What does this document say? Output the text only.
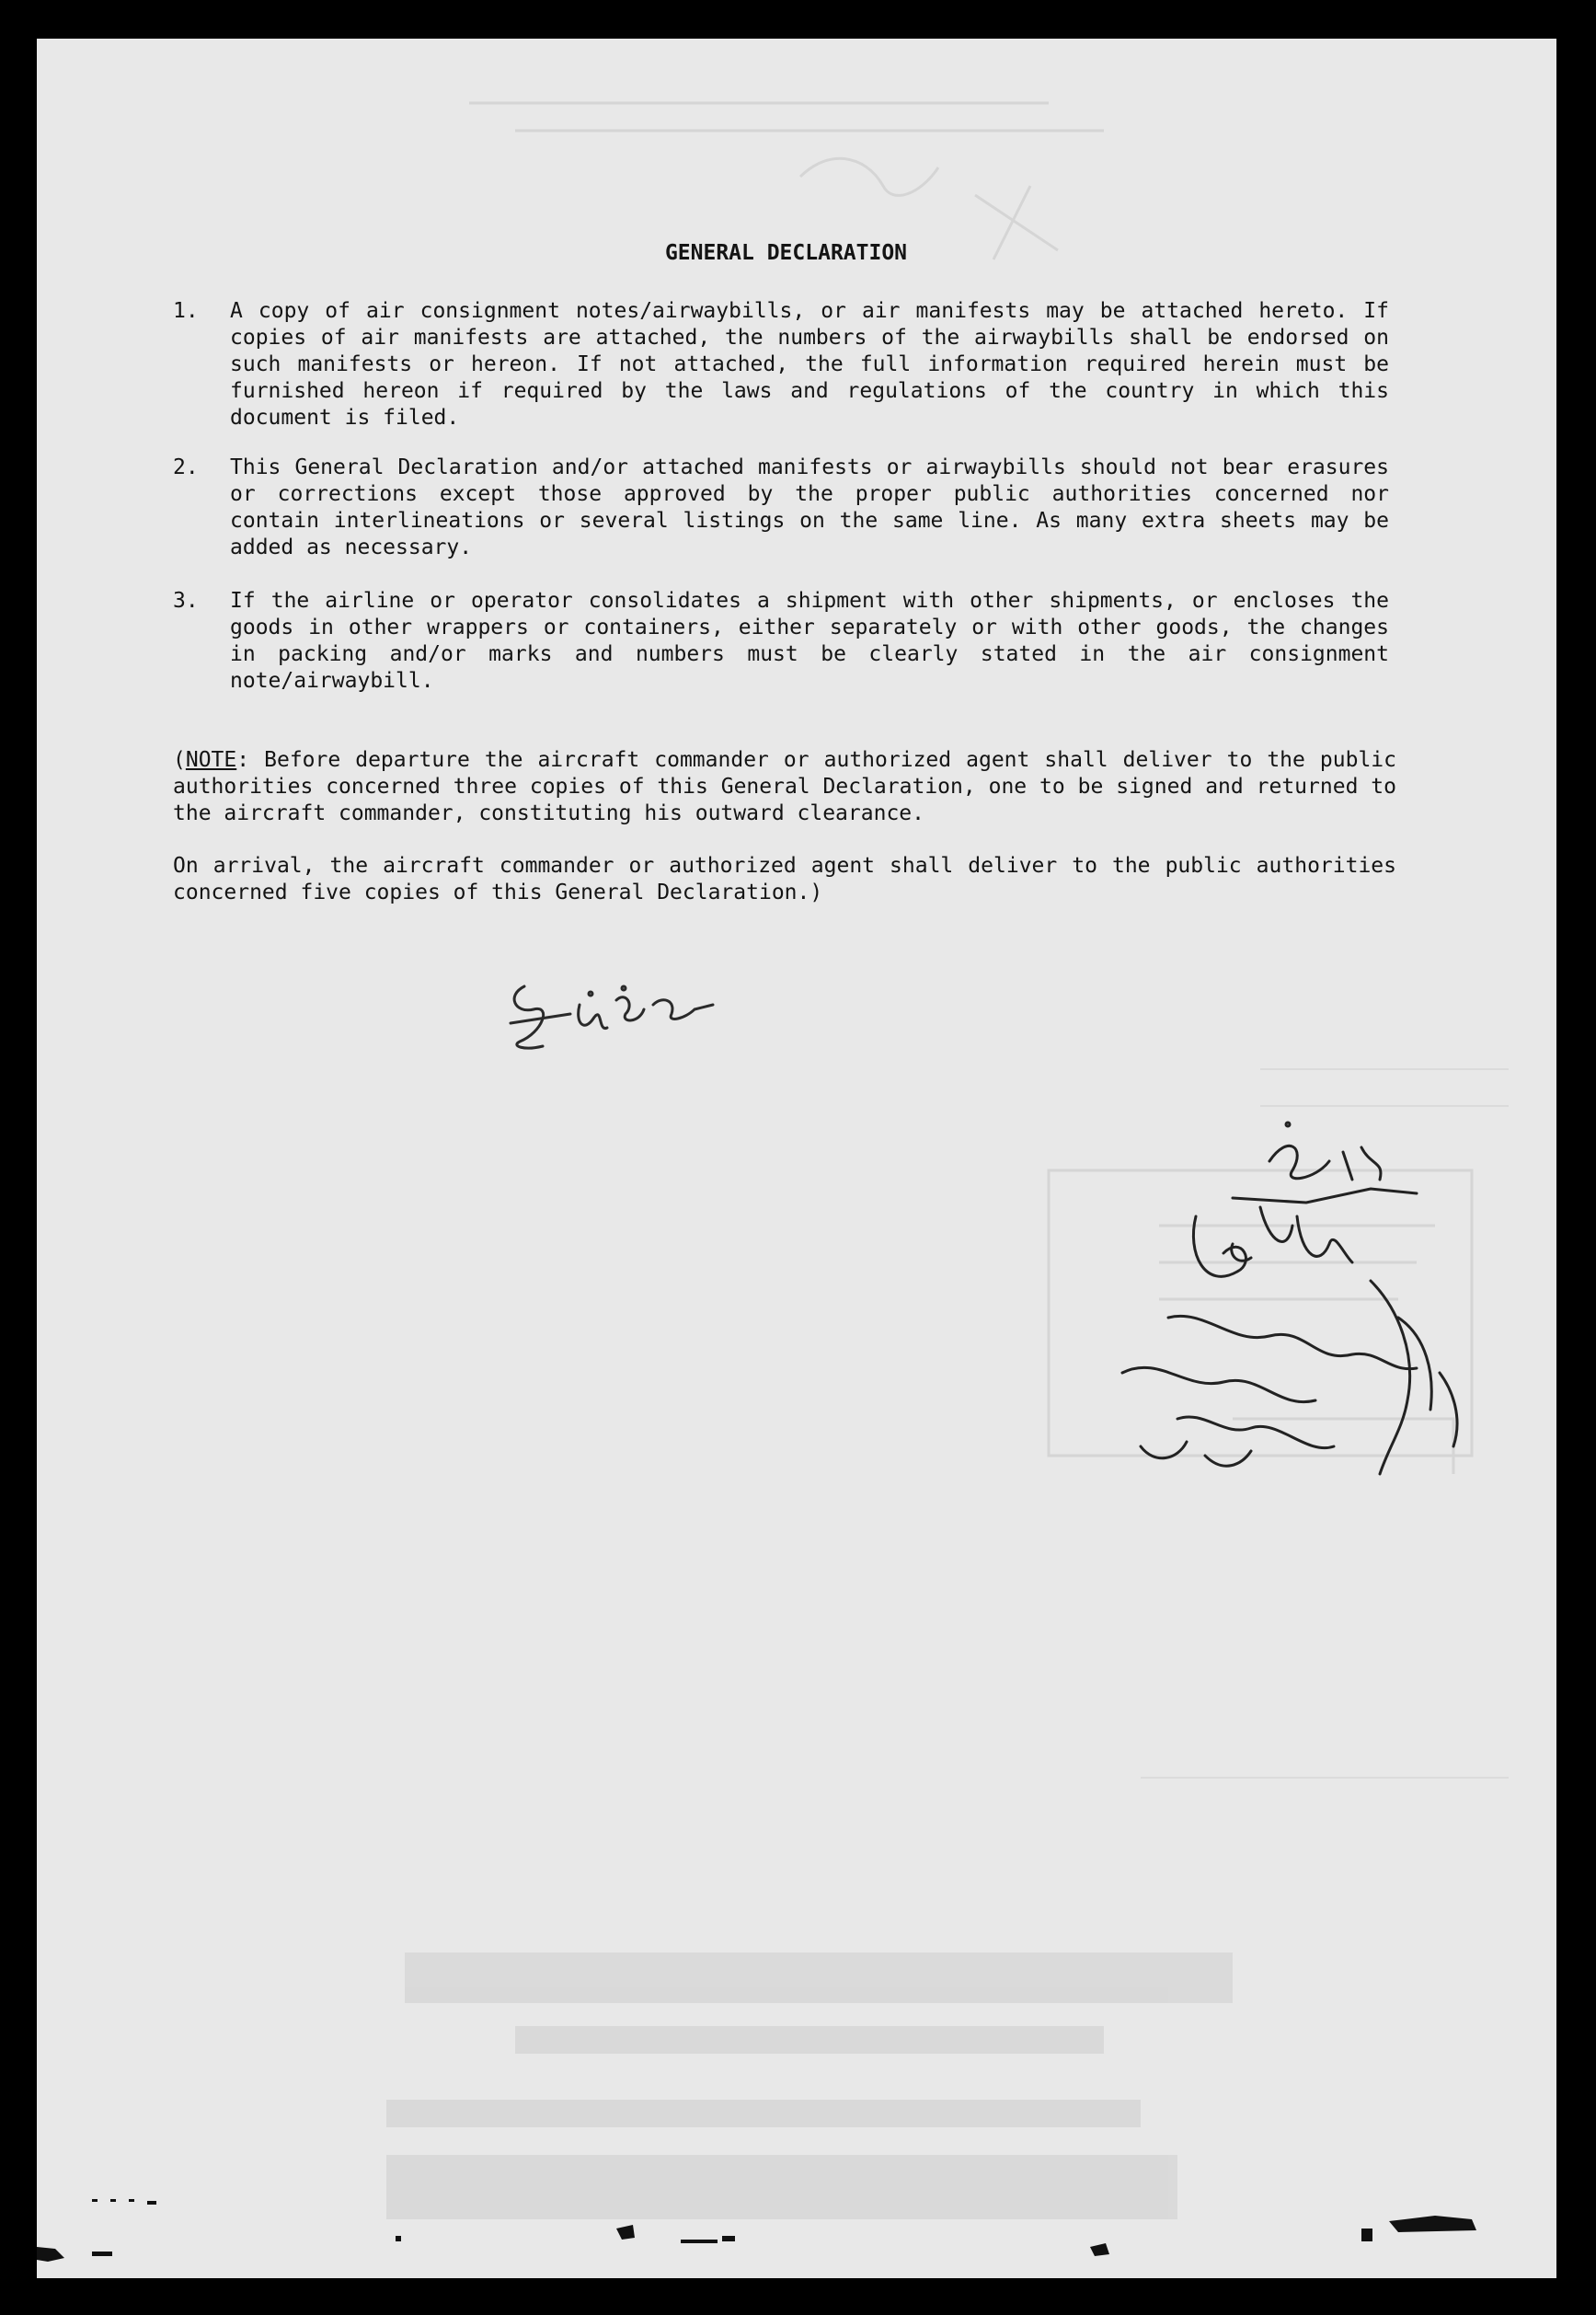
GENERAL DECLARATION
1. A copy of air consignment notes/airwaybills, or air manifests may be attached hereto. If copies of air manifests are attached, the numbers of the airwaybills shall be endorsed on such manifests or hereon. If not attached, the full information required herein must be furnished hereon if required by the laws and regulations of the country in which this document is filed.
2. This General Declaration and/or attached manifests or airwaybills should not bear erasures or corrections except those approved by the proper public authorities concerned nor contain interlineations or several listings on the same line. As many extra sheets may be added as necessary.
3. If the airline or operator consolidates a shipment with other shipments, or encloses the goods in other wrappers or containers, either separately or with other goods, the changes in packing and/or marks and numbers must be clearly stated in the air consignment note/airwaybill.
(NOTE: Before departure the aircraft commander or authorized agent shall deliver to the public authorities concerned three copies of this General Declaration, one to be signed and returned to the aircraft commander, constituting his outward clearance.
On arrival, the aircraft commander or authorized agent shall deliver to the public authorities concerned five copies of this General Declaration.)
